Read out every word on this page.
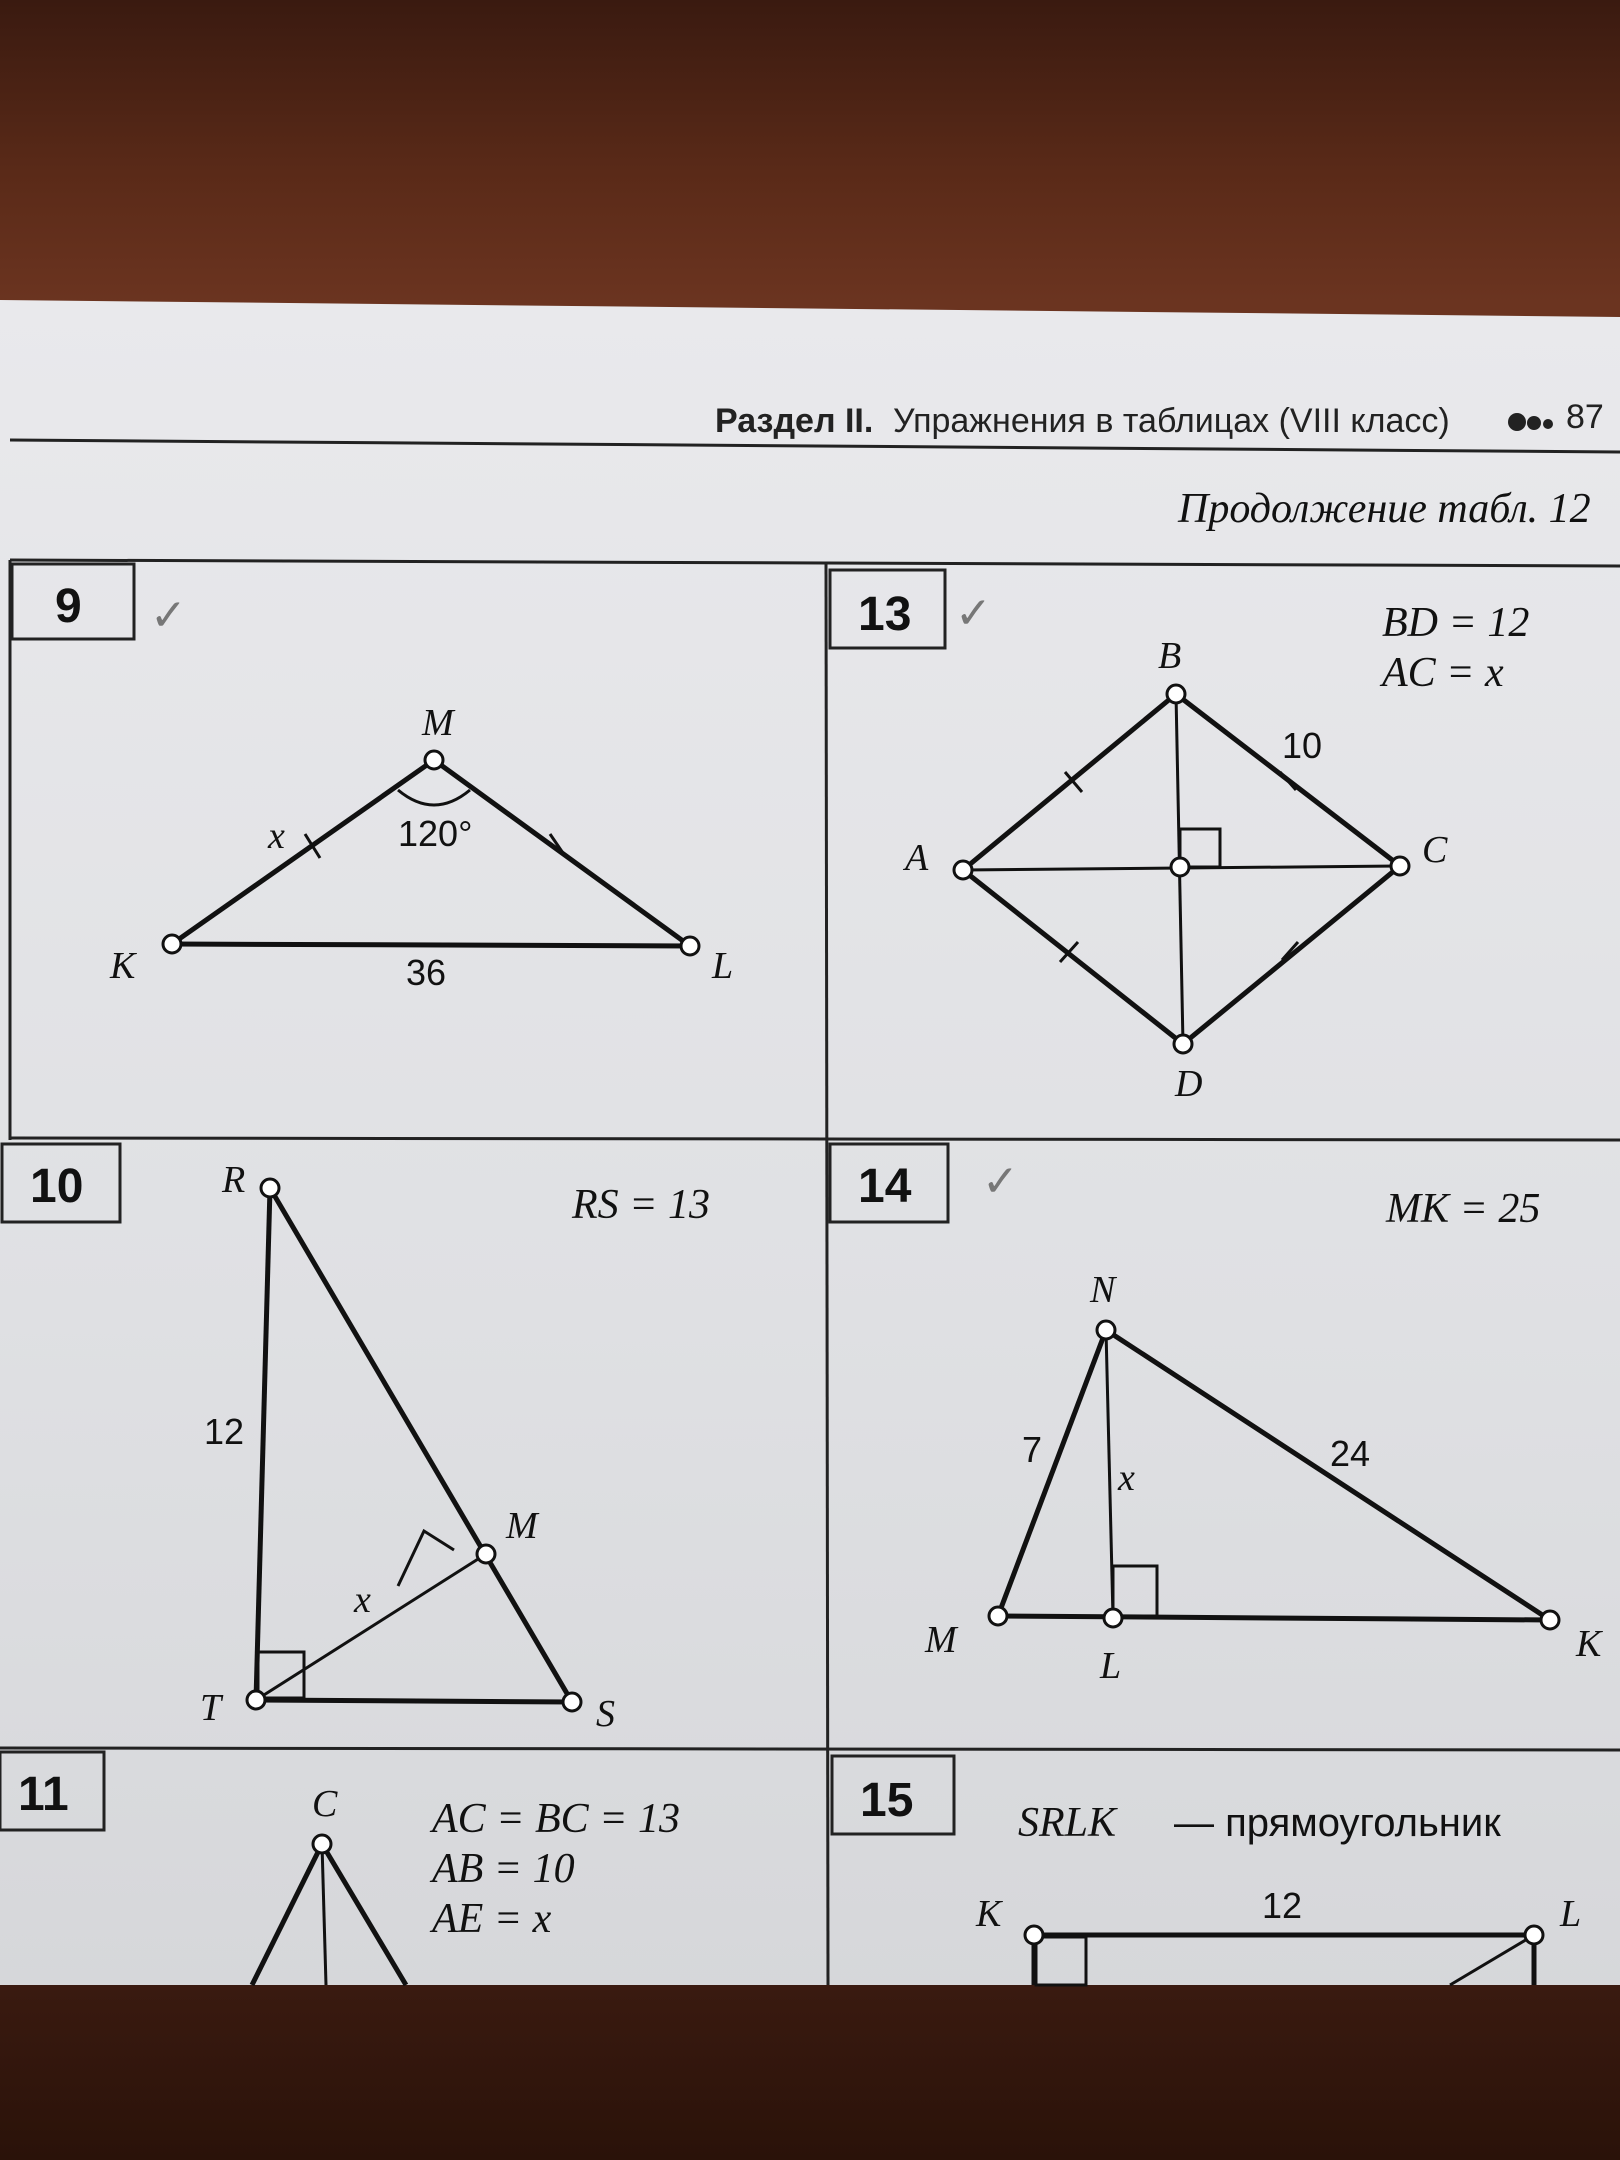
Раздел II. Упражнения в таблицах (VIII класс)	87
Продолжение табл. 12
9 ✓
M
K	L
x	120°
36
13 ✓	BD = 12
AC = x
B
A	C
D
10
10	RS = 13
R
T	S
M
x
12
14 ✓
MK = 25
N
M
L
K
x
7	24
11	AC = BC = 13
AB = 10
AE = x
C	15 SRLK — прямоугольник
K	L
12
